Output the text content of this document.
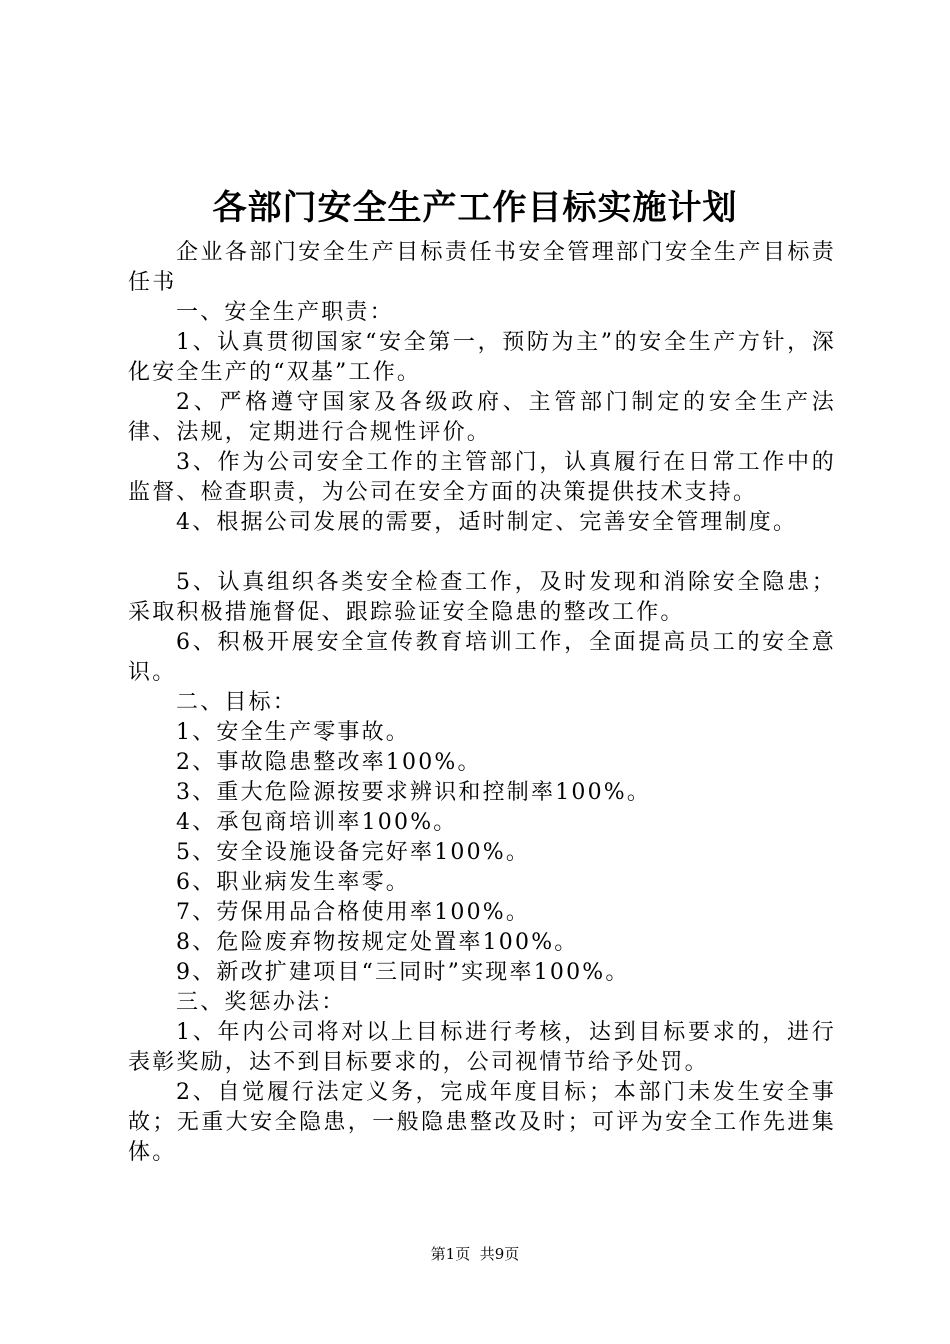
各部门安全生产工作目标实施计划

企业各部门安全生产目标责任书安全管理部门安全生产目标责任书

一、安全生产职责：

1、认真贯彻国家“安全第一，预防为主”的安全生产方针，深化安全生产的“双基”工作。

2、严格遵守国家及各级政府、主管部门制定的安全生产法律、法规，定期进行合规性评价。

3、作为公司安全工作的主管部门，认真履行在日常工作中的监督、检查职责，为公司在安全方面的决策提供技术支持。

4、根据公司发展的需要，适时制定、完善安全管理制度。

5、认真组织各类安全检查工作，及时发现和消除安全隐患；采取积极措施督促、跟踪验证安全隐患的整改工作。

6、积极开展安全宣传教育培训工作，全面提高员工的安全意识。

二、目标：

1、安全生产零事故。

2、事故隐患整改率100%。

3、重大危险源按要求辨识和控制率100%。

4、承包商培训率100%。

5、安全设施设备完好率100%。

6、职业病发生率零。

7、劳保用品合格使用率100%。

8、危险废弃物按规定处置率100%。

9、新改扩建项目“三同时”实现率100%。

三、奖惩办法：

1、年内公司将对以上目标进行考核，达到目标要求的，进行表彰奖励，达不到目标要求的，公司视情节给予处罚。

2、自觉履行法定义务，完成年度目标；本部门未发生安全事故；无重大安全隐患，一般隐患整改及时；可评为安全工作先进集体。

第1页 共9页
